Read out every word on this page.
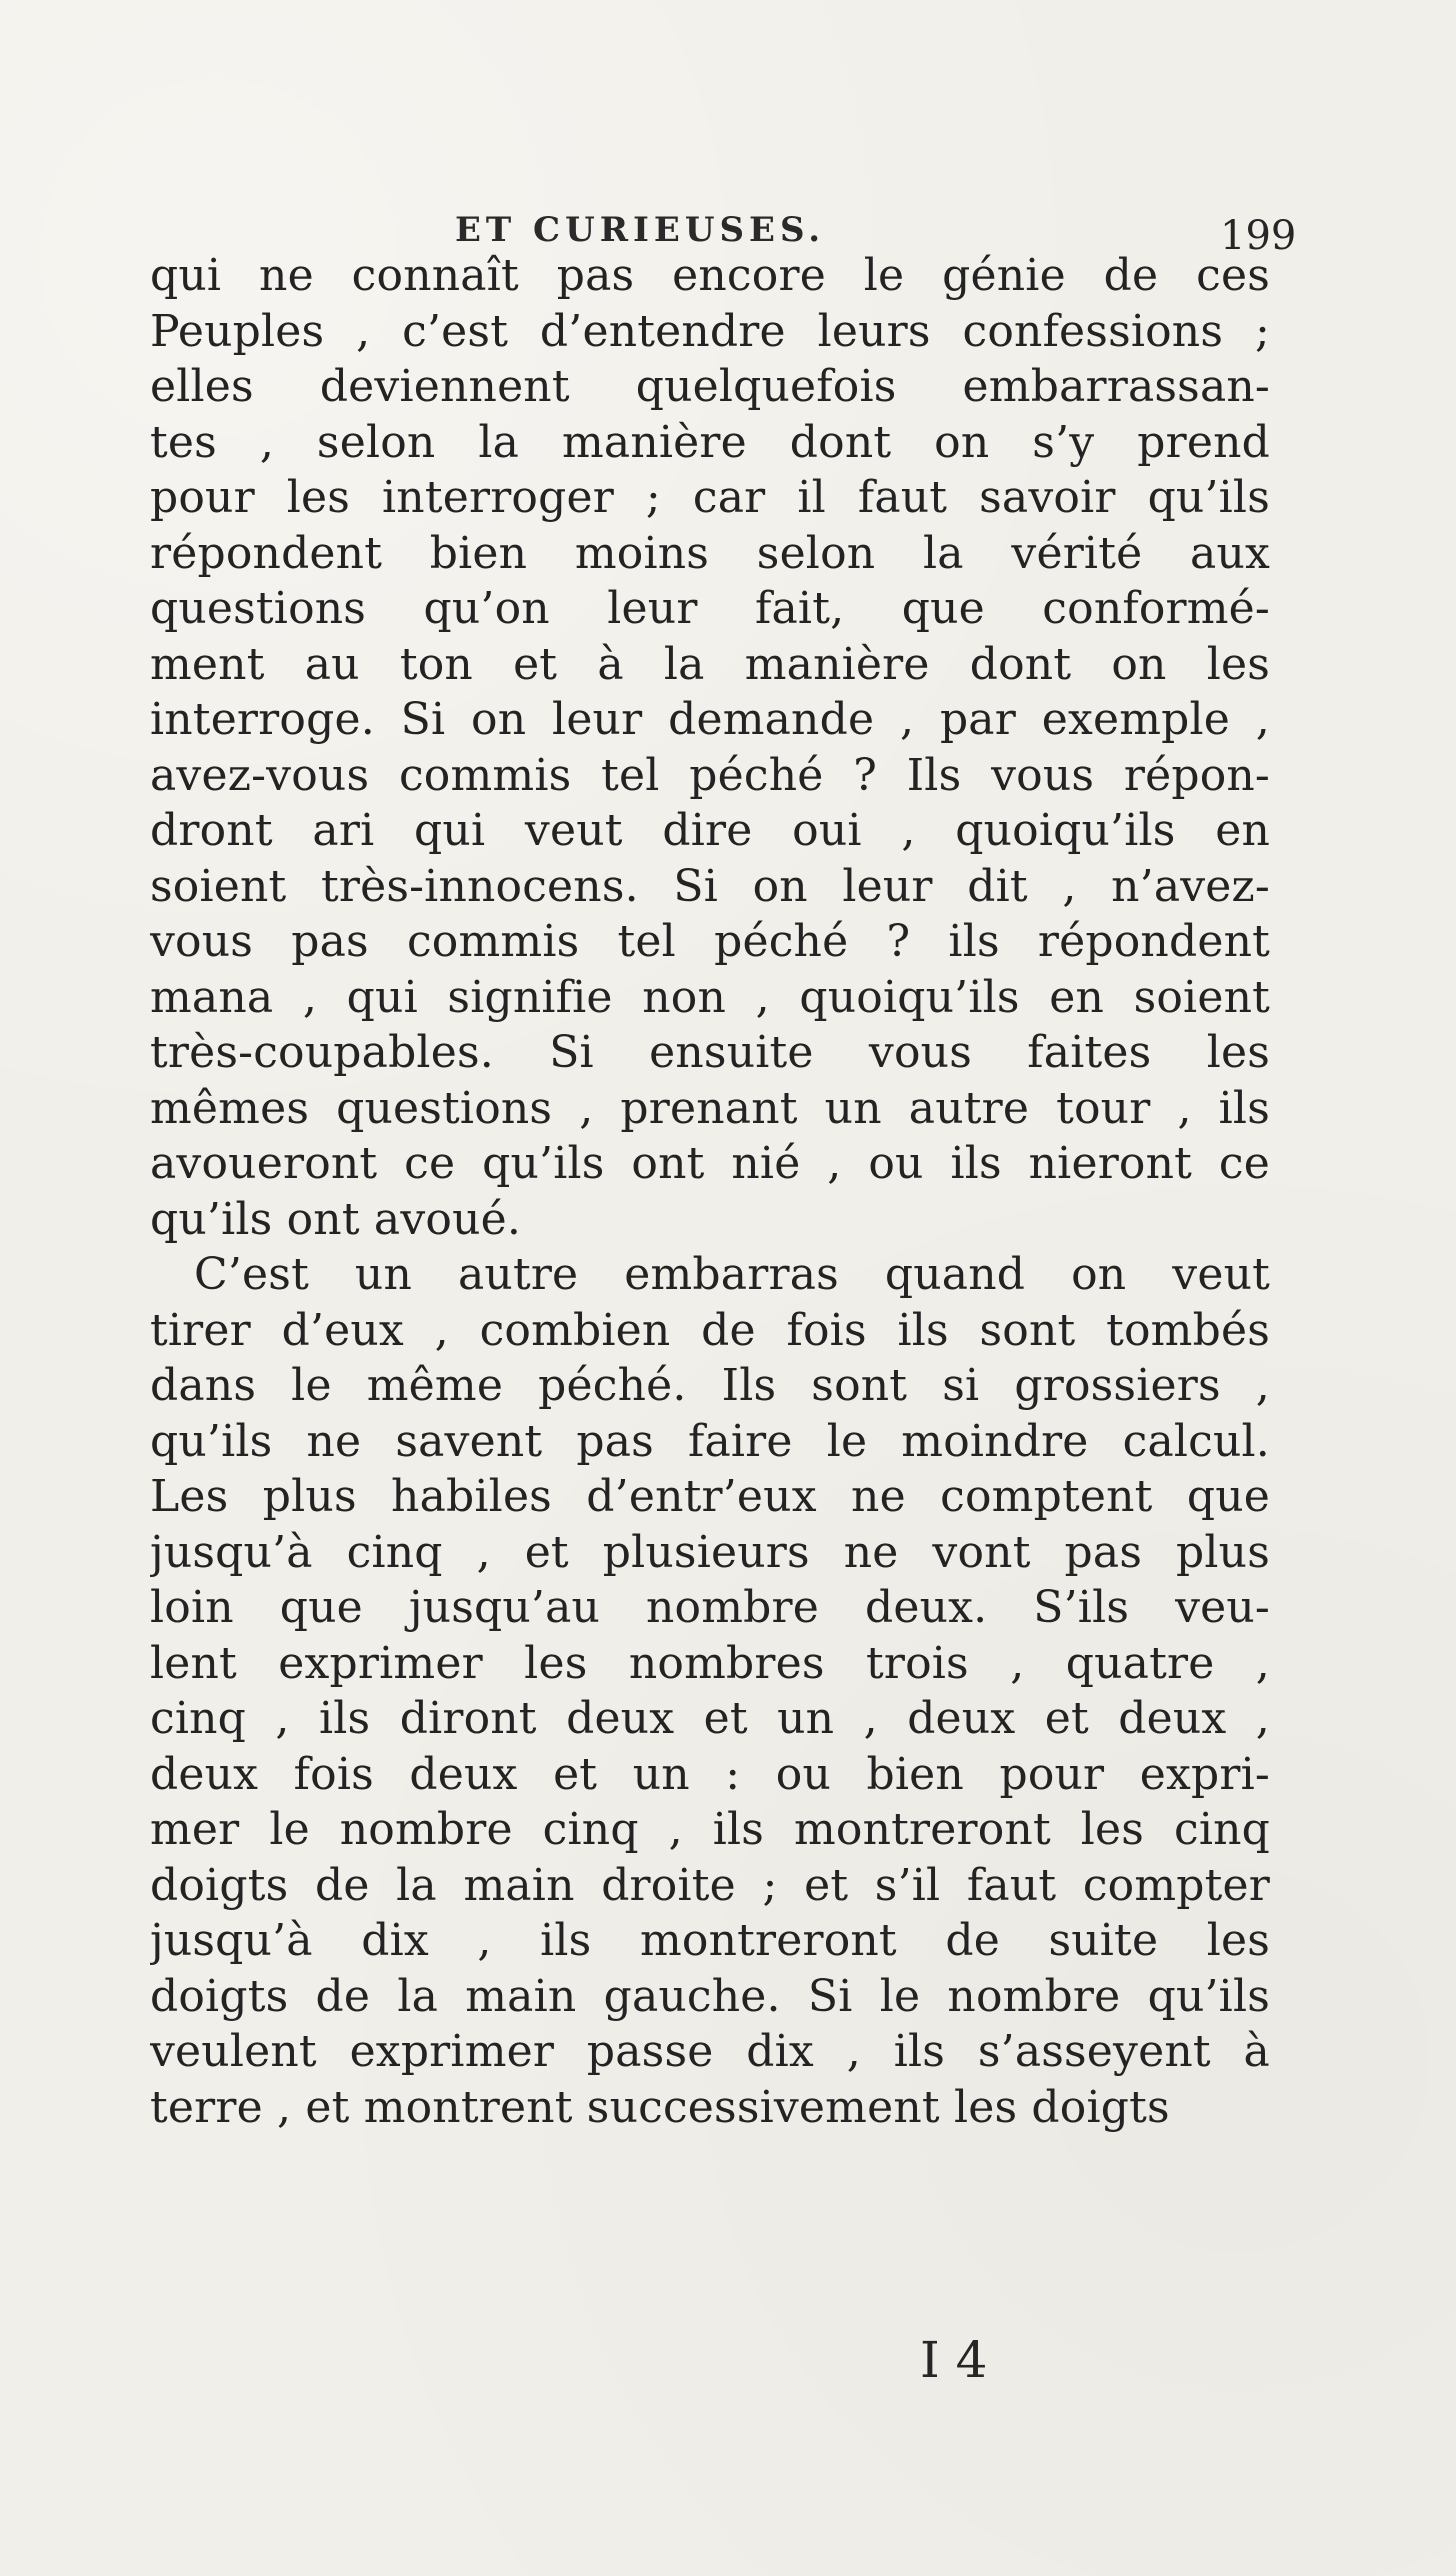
ET CURIEUSES.	199
qui ne connaît pas encore le génie de ces
Peuples , c’est d’entendre leurs confessions ;
elles deviennent quelquefois embarrassan-
tes , selon la manière dont on s’y prend
pour les interroger ; car il faut savoir qu’ils
répondent bien moins selon la vérité aux
questions qu’on leur fait, que conformé-
ment au ton et à la manière dont on les
interroge. Si on leur demande , par exemple ,
avez-vous commis tel péché ? Ils vous répon-
dront ari qui veut dire oui , quoiqu’ils en
soient très-innocens. Si on leur dit , n’avez-
vous pas commis tel péché ? ils répondent
mana , qui signifie non , quoiqu’ils en soient
très-coupables. Si ensuite vous faites les
mêmes questions , prenant un autre tour , ils
avoueront ce qu’ils ont nié , ou ils nieront ce
qu’ils ont avoué.
C’est un autre embarras quand on veut
tirer d’eux , combien de fois ils sont tombés
dans le même péché. Ils sont si grossiers ,
qu’ils ne savent pas faire le moindre calcul.
Les plus habiles d’entr’eux ne comptent que
jusqu’à cinq , et plusieurs ne vont pas plus
loin que jusqu’au nombre deux. S’ils veu-
lent exprimer les nombres trois , quatre ,
cinq , ils diront deux et un , deux et deux ,
deux fois deux et un : ou bien pour expri-
mer le nombre cinq , ils montreront les cinq
doigts de la main droite ; et s’il faut compter
jusqu’à dix , ils montreront de suite les
doigts de la main gauche. Si le nombre qu’ils
veulent exprimer passe dix , ils s’asseyent à
terre , et montrent successivement les doigts
I 4
